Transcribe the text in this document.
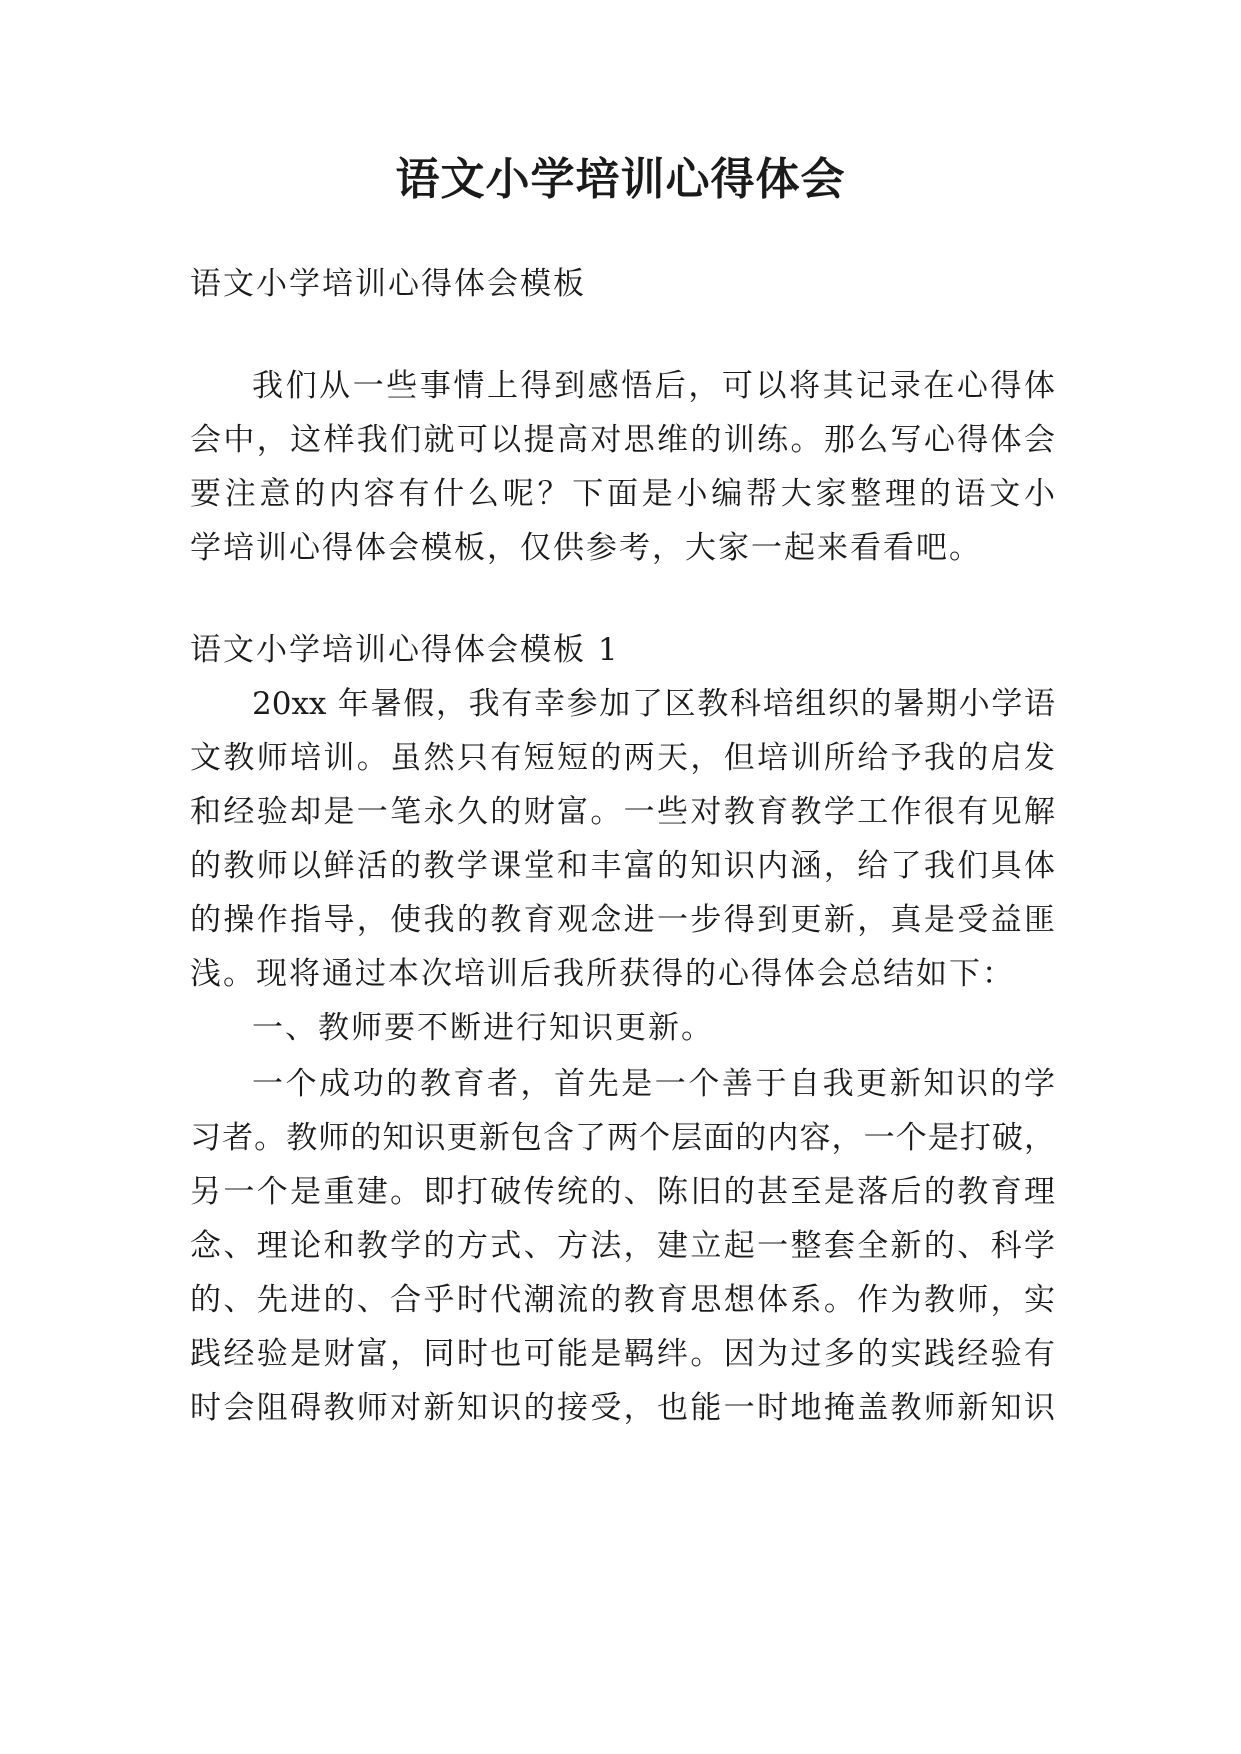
语文小学培训心得体会
语文小学培训心得体会模板
我们从一些事情上得到感悟后，可以将其记录在心得体
会中，这样我们就可以提高对思维的训练。那么写心得体会
要注意的内容有什么呢？下面是小编帮大家整理的语文小
学培训心得体会模板，仅供参考，大家一起来看看吧。
语文小学培训心得体会模板 1
20xx 年暑假，我有幸参加了区教科培组织的暑期小学语
文教师培训。虽然只有短短的两天，但培训所给予我的启发
和经验却是一笔永久的财富。一些对教育教学工作很有见解
的教师以鲜活的教学课堂和丰富的知识内涵，给了我们具体
的操作指导，使我的教育观念进一步得到更新，真是受益匪
浅。现将通过本次培训后我所获得的心得体会总结如下：
一、教师要不断进行知识更新。
一个成功的教育者，首先是一个善于自我更新知识的学
习者。教师的知识更新包含了两个层面的内容，一个是打破，
另一个是重建。即打破传统的、陈旧的甚至是落后的教育理
念、理论和教学的方式、方法，建立起一整套全新的、科学
的、先进的、合乎时代潮流的教育思想体系。作为教师，实
践经验是财富，同时也可能是羁绊。因为过多的实践经验有
时会阻碍教师对新知识的接受，也能一时地掩盖教师新知识
